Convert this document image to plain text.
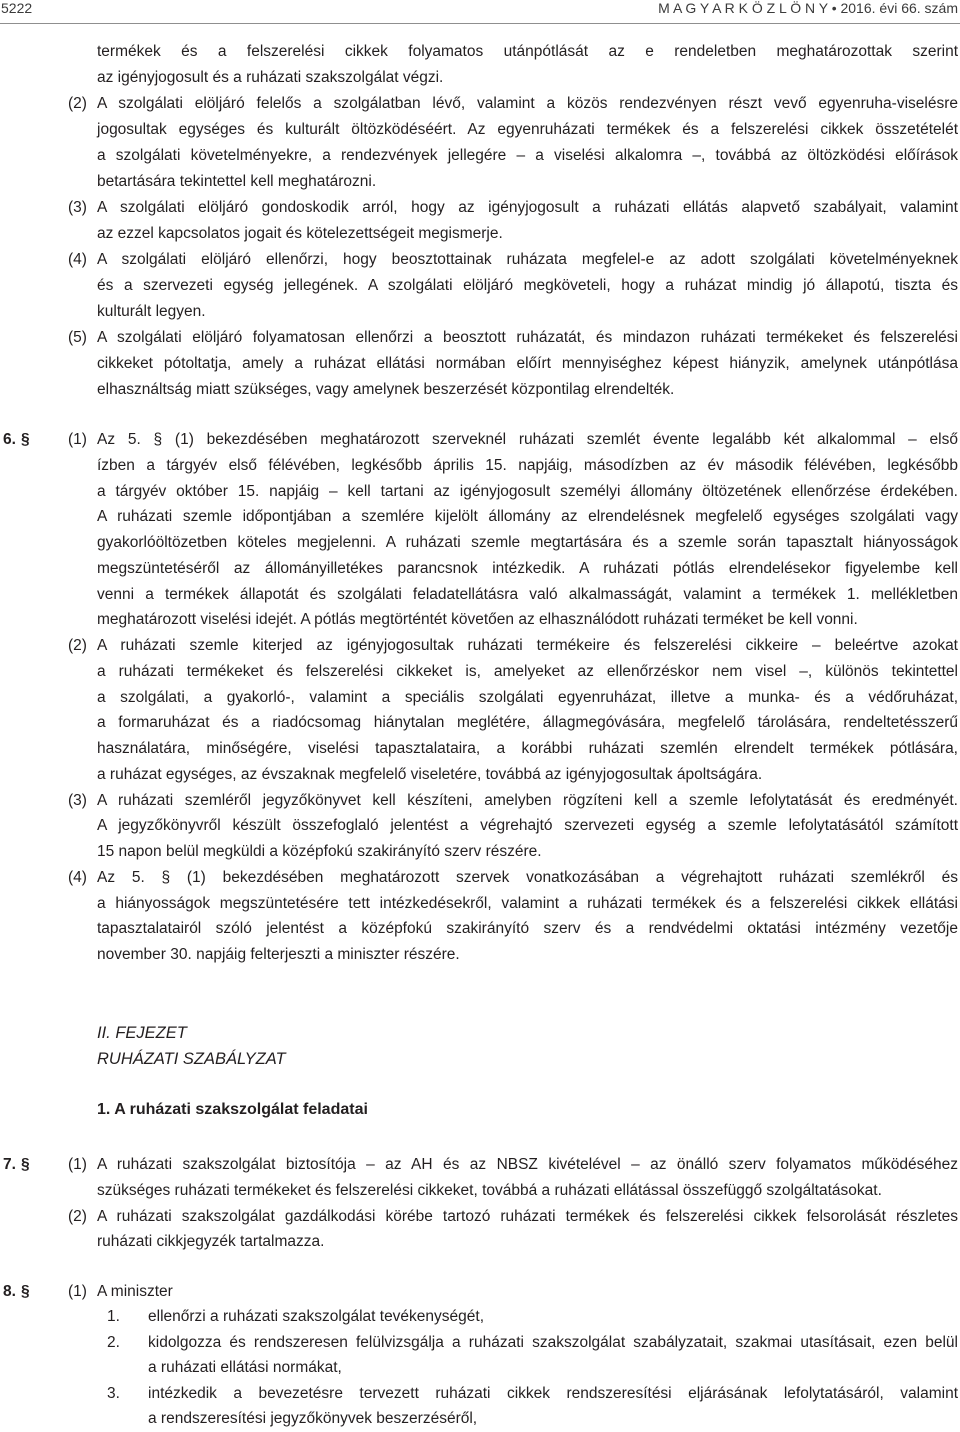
5222	M A G Y A R K Ö Z L Ö N Y • 2016. évi 66. szám
termékek és a felszerelési cikkek folyamatos utánpótlását az e rendeletben meghatározottak szerint
az igényjogosult és a ruházati szakszolgálat végzi.
(2) A szolgálati elöljáró felelős a szolgálatban lévő, valamint a közös rendezvényen részt vevő egyenruha-viselésre
jogosultak egységes és kulturált öltözködéséért. Az egyenruházati termékek és a felszerelési cikkek összetételét
a szolgálati követelményekre, a rendezvények jellegére – a viselési alkalomra –, továbbá az öltözködési előírások
betartására tekintettel kell meghatározni.
(3) A szolgálati elöljáró gondoskodik arról, hogy az igényjogosult a ruházati ellátás alapvető szabályait, valamint
az ezzel kapcsolatos jogait és kötelezettségeit megismerje.
(4) A szolgálati elöljáró ellenőrzi, hogy beosztottainak ruházata megfelel-e az adott szolgálati követelményeknek
és a szervezeti egység jellegének. A szolgálati elöljáró megköveteli, hogy a ruházat mindig jó állapotú, tiszta és
kulturált legyen.
(5) A szolgálati elöljáró folyamatosan ellenőrzi a beosztott ruházatát, és mindazon ruházati termékeket és felszerelési
cikkeket pótoltatja, amely a ruházat ellátási normában előírt mennyiséghez képest hiányzik, amelynek utánpótlása
elhasználtság miatt szükséges, vagy amelynek beszerzését központilag elrendelték.
6. § (1) Az 5. § (1) bekezdésében meghatározott szerveknél ruházati szemlét évente legalább két alkalommal – első
ízben a tárgyév első félévében, legkésőbb április 15. napjáig, másodízben az év második félévében, legkésőbb
a tárgyév október 15. napjáig – kell tartani az igényjogosult személyi állomány öltözetének ellenőrzése érdekében.
A ruházati szemle időpontjában a szemlére kijelölt állomány az elrendelésnek megfelelő egységes szolgálati vagy
gyakorlóöltözetben köteles megjelenni. A ruházati szemle megtartására és a szemle során tapasztalt hiányosságok
megszüntetéséről az állományilletékes parancsnok intézkedik. A ruházati pótlás elrendelésekor figyelembe kell
venni a termékek állapotát és szolgálati feladatellátásra való alkalmasságát, valamint a termékek 1. mellékletben
meghatározott viselési idejét. A pótlás megtörténtét követően az elhasználódott ruházati terméket be kell vonni.
(2) A ruházati szemle kiterjed az igényjogosultak ruházati termékeire és felszerelési cikkeire – beleértve azokat
a ruházati termékeket és felszerelési cikkeket is, amelyeket az ellenőrzéskor nem visel –, különös tekintettel
a szolgálati, a gyakorló-, valamint a speciális szolgálati egyenruházat, illetve a munka- és a védőruházat,
a formaruházat és a riadócsomag hiánytalan meglétére, állagmegóvására, megfelelő tárolására, rendeltetésszerű
használatára, minőségére, viselési tapasztalataira, a korábbi ruházati szemlén elrendelt termékek pótlására,
a ruházat egységes, az évszaknak megfelelő viseletére, továbbá az igényjogosultak ápoltságára.
(3) A ruházati szemléről jegyzőkönyvet kell készíteni, amelyben rögzíteni kell a szemle lefolytatását és eredményét.
A jegyzőkönyvről készült összefoglaló jelentést a végrehajtó szervezeti egység a szemle lefolytatásától számított
15 napon belül megküldi a középfokú szakirányító szerv részére.
(4) Az 5. § (1) bekezdésében meghatározott szervek vonatkozásában a végrehajtott ruházati szemlékről és
a hiányosságok megszüntetésére tett intézkedésekről, valamint a ruházati termékek és a felszerelési cikkek ellátási
tapasztalatairól szóló jelentést a középfokú szakirányító szerv és a rendvédelmi oktatási intézmény vezetője
november 30. napjáig felterjeszti a miniszter részére.
II. FEJEZET
RUHÁZATI SZABÁLYZAT
1. A ruházati szakszolgálat feladatai
7. § (1) A ruházati szakszolgálat biztosítója – az AH és az NBSZ kivételével – az önálló szerv folyamatos működéséhez
szükséges ruházati termékeket és felszerelési cikkeket, továbbá a ruházati ellátással összefüggő szolgáltatásokat.
(2) A ruházati szakszolgálat gazdálkodási körébe tartozó ruházati termékek és felszerelési cikkek felsorolását részletes
ruházati cikkjegyzék tartalmazza.
8. § (1) A miniszter
1. ellenőrzi a ruházati szakszolgálat tevékenységét,
2. kidolgozza és rendszeresen felülvizsgálja a ruházati szakszolgálat szabályzatait, szakmai utasításait, ezen belül
a ruházati ellátási normákat,
3. intézkedik a bevezetésre tervezett ruházati cikkek rendszeresítési eljárásának lefolytatásáról, valamint
a rendszeresítési jegyzőkönyvek beszerzéséről,
